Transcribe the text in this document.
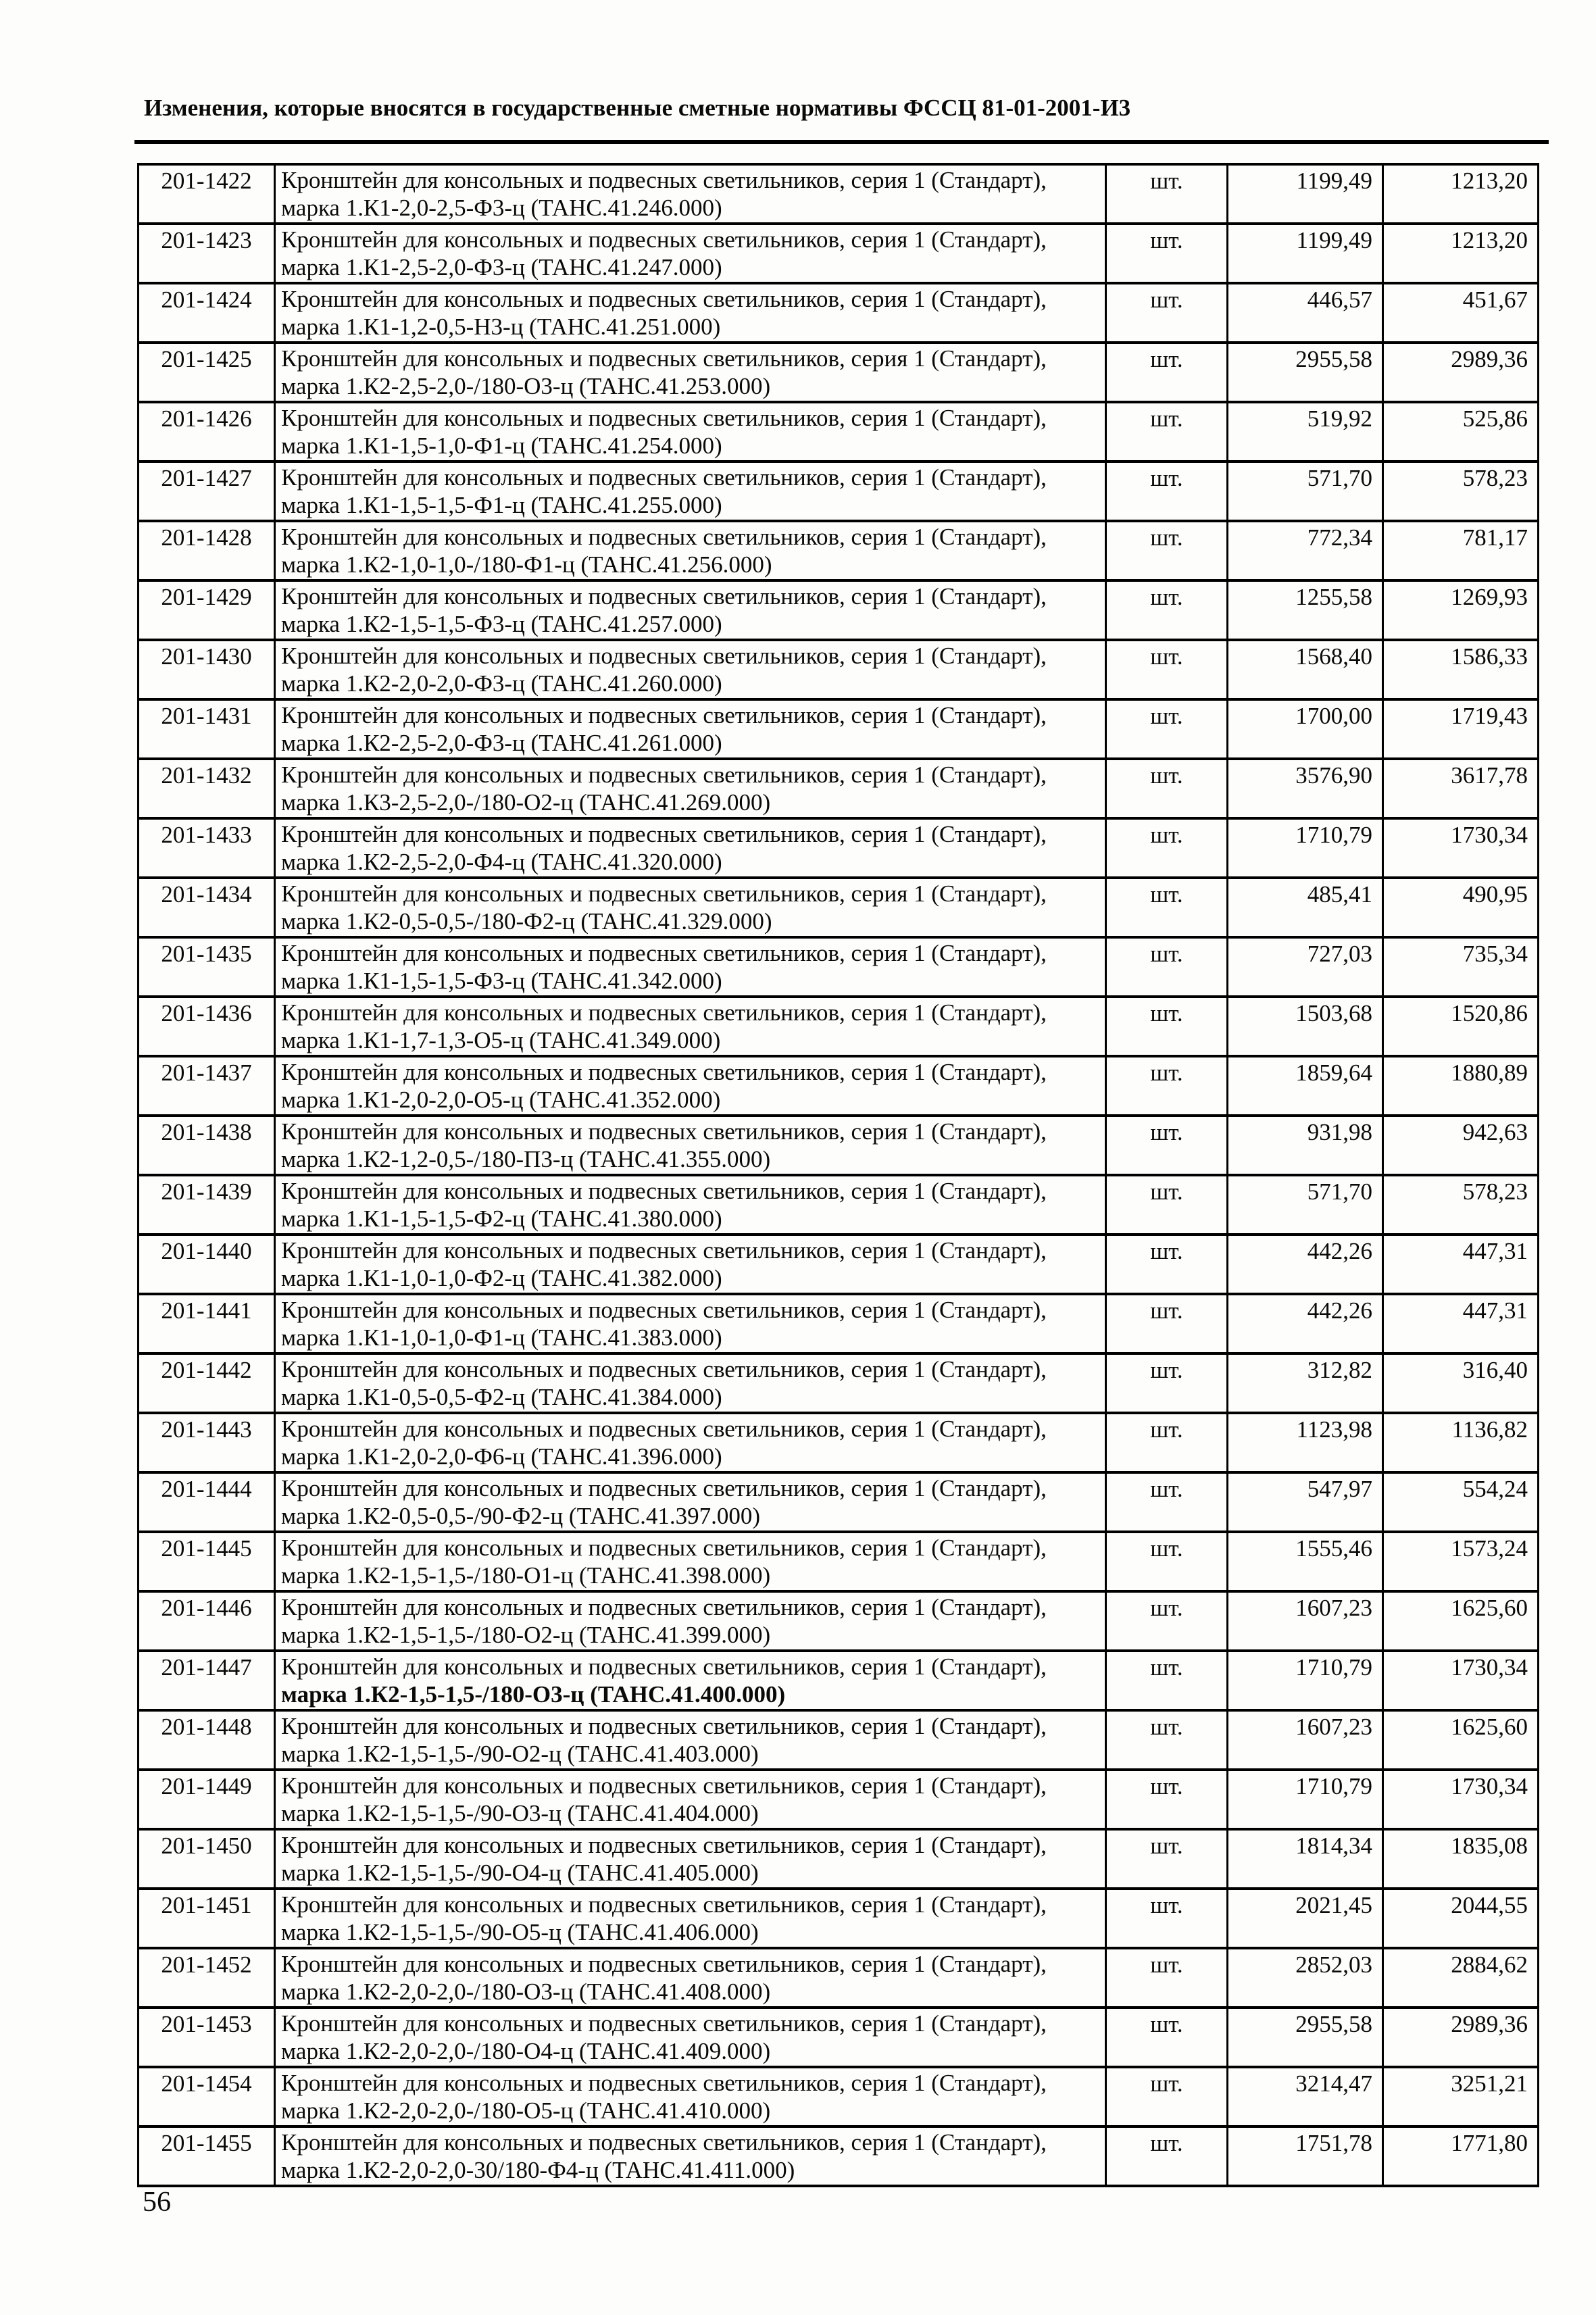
Изменения, которые вносятся в государственные сметные нормативы ФССЦ 81-01-2001-И3
201-1422	Кронштейн для консольных и подвесных светильников, серия 1 (Стандарт),
марка 1.К1-2,0-2,5-Ф3-ц (ТАНС.41.246.000)	шт.	1199,49	1213,20
201-1423	Кронштейн для консольных и подвесных светильников, серия 1 (Стандарт),
марка 1.К1-2,5-2,0-Ф3-ц (ТАНС.41.247.000)	шт.	1199,49	1213,20
201-1424	Кронштейн для консольных и подвесных светильников, серия 1 (Стандарт),
марка 1.К1-1,2-0,5-Н3-ц (ТАНС.41.251.000)	шт.	446,57	451,67
201-1425	Кронштейн для консольных и подвесных светильников, серия 1 (Стандарт),
марка 1.К2-2,5-2,0-/180-О3-ц (ТАНС.41.253.000)	шт.	2955,58	2989,36
201-1426	Кронштейн для консольных и подвесных светильников, серия 1 (Стандарт),
марка 1.К1-1,5-1,0-Ф1-ц (ТАНС.41.254.000)	шт.	519,92	525,86
201-1427	Кронштейн для консольных и подвесных светильников, серия 1 (Стандарт),
марка 1.К1-1,5-1,5-Ф1-ц (ТАНС.41.255.000)	шт.	571,70	578,23
201-1428	Кронштейн для консольных и подвесных светильников, серия 1 (Стандарт),
марка 1.К2-1,0-1,0-/180-Ф1-ц (ТАНС.41.256.000)	шт.	772,34	781,17
201-1429	Кронштейн для консольных и подвесных светильников, серия 1 (Стандарт),
марка 1.К2-1,5-1,5-Ф3-ц (ТАНС.41.257.000)	шт.	1255,58	1269,93
201-1430	Кронштейн для консольных и подвесных светильников, серия 1 (Стандарт),
марка 1.К2-2,0-2,0-Ф3-ц (ТАНС.41.260.000)	шт.	1568,40	1586,33
201-1431	Кронштейн для консольных и подвесных светильников, серия 1 (Стандарт),
марка 1.К2-2,5-2,0-Ф3-ц (ТАНС.41.261.000)	шт.	1700,00	1719,43
201-1432	Кронштейн для консольных и подвесных светильников, серия 1 (Стандарт),
марка 1.К3-2,5-2,0-/180-О2-ц (ТАНС.41.269.000)	шт.	3576,90	3617,78
201-1433	Кронштейн для консольных и подвесных светильников, серия 1 (Стандарт),
марка 1.К2-2,5-2,0-Ф4-ц (ТАНС.41.320.000)	шт.	1710,79	1730,34
201-1434	Кронштейн для консольных и подвесных светильников, серия 1 (Стандарт),
марка 1.К2-0,5-0,5-/180-Ф2-ц (ТАНС.41.329.000)	шт.	485,41	490,95
201-1435	Кронштейн для консольных и подвесных светильников, серия 1 (Стандарт),
марка 1.К1-1,5-1,5-Ф3-ц (ТАНС.41.342.000)	шт.	727,03	735,34
201-1436	Кронштейн для консольных и подвесных светильников, серия 1 (Стандарт),
марка 1.К1-1,7-1,3-О5-ц (ТАНС.41.349.000)	шт.	1503,68	1520,86
201-1437	Кронштейн для консольных и подвесных светильников, серия 1 (Стандарт),
марка 1.К1-2,0-2,0-О5-ц (ТАНС.41.352.000)	шт.	1859,64	1880,89
201-1438	Кронштейн для консольных и подвесных светильников, серия 1 (Стандарт),
марка 1.К2-1,2-0,5-/180-П3-ц (ТАНС.41.355.000)	шт.	931,98	942,63
201-1439	Кронштейн для консольных и подвесных светильников, серия 1 (Стандарт),
марка 1.К1-1,5-1,5-Ф2-ц (ТАНС.41.380.000)	шт.	571,70	578,23
201-1440	Кронштейн для консольных и подвесных светильников, серия 1 (Стандарт),
марка 1.К1-1,0-1,0-Ф2-ц (ТАНС.41.382.000)	шт.	442,26	447,31
201-1441	Кронштейн для консольных и подвесных светильников, серия 1 (Стандарт),
марка 1.К1-1,0-1,0-Ф1-ц (ТАНС.41.383.000)	шт.	442,26	447,31
201-1442	Кронштейн для консольных и подвесных светильников, серия 1 (Стандарт),
марка 1.К1-0,5-0,5-Ф2-ц (ТАНС.41.384.000)	шт.	312,82	316,40
201-1443	Кронштейн для консольных и подвесных светильников, серия 1 (Стандарт),
марка 1.К1-2,0-2,0-Ф6-ц (ТАНС.41.396.000)	шт.	1123,98	1136,82
201-1444	Кронштейн для консольных и подвесных светильников, серия 1 (Стандарт),
марка 1.К2-0,5-0,5-/90-Ф2-ц (ТАНС.41.397.000)	шт.	547,97	554,24
201-1445	Кронштейн для консольных и подвесных светильников, серия 1 (Стандарт),
марка 1.К2-1,5-1,5-/180-О1-ц (ТАНС.41.398.000)	шт.	1555,46	1573,24
201-1446	Кронштейн для консольных и подвесных светильников, серия 1 (Стандарт),
марка 1.К2-1,5-1,5-/180-О2-ц (ТАНС.41.399.000)	шт.	1607,23	1625,60
201-1447	Кронштейн для консольных и подвесных светильников, серия 1 (Стандарт),
марка 1.К2-1,5-1,5-/180-О3-ц (ТАНС.41.400.000)	шт.	1710,79	1730,34
201-1448	Кронштейн для консольных и подвесных светильников, серия 1 (Стандарт),
марка 1.К2-1,5-1,5-/90-О2-ц (ТАНС.41.403.000)	шт.	1607,23	1625,60
201-1449	Кронштейн для консольных и подвесных светильников, серия 1 (Стандарт),
марка 1.К2-1,5-1,5-/90-О3-ц (ТАНС.41.404.000)	шт.	1710,79	1730,34
201-1450	Кронштейн для консольных и подвесных светильников, серия 1 (Стандарт),
марка 1.К2-1,5-1,5-/90-О4-ц (ТАНС.41.405.000)	шт.	1814,34	1835,08
201-1451	Кронштейн для консольных и подвесных светильников, серия 1 (Стандарт),
марка 1.К2-1,5-1,5-/90-О5-ц (ТАНС.41.406.000)	шт.	2021,45	2044,55
201-1452	Кронштейн для консольных и подвесных светильников, серия 1 (Стандарт),
марка 1.К2-2,0-2,0-/180-О3-ц (ТАНС.41.408.000)	шт.	2852,03	2884,62
201-1453	Кронштейн для консольных и подвесных светильников, серия 1 (Стандарт),
марка 1.К2-2,0-2,0-/180-О4-ц (ТАНС.41.409.000)	шт.	2955,58	2989,36
201-1454	Кронштейн для консольных и подвесных светильников, серия 1 (Стандарт),
марка 1.К2-2,0-2,0-/180-О5-ц (ТАНС.41.410.000)	шт.	3214,47	3251,21
201-1455	Кронштейн для консольных и подвесных светильников, серия 1 (Стандарт),
марка 1.К2-2,0-2,0-30/180-Ф4-ц (ТАНС.41.411.000)	шт.	1751,78	1771,80
56
